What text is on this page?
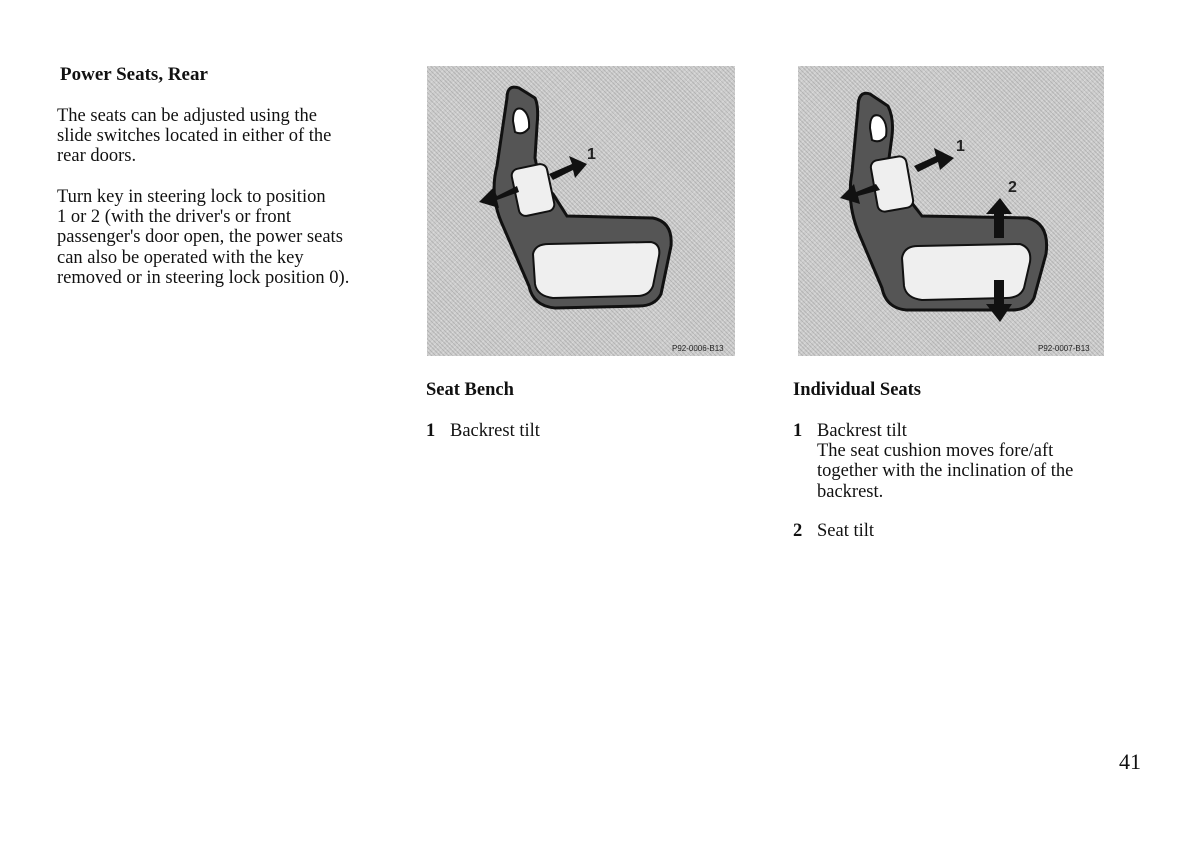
Power Seats, Rear
The seats can be adjusted using the
slide switches located in either of the
rear doors.
Turn key in steering lock to position
1 or 2 (with the driver's or front
passenger's door open, the power seats
can also be operated with the key
removed or in steering lock position 0).
1
P92-0006-B13
1
2
P92-0007-B13
Seat Bench
1 Backrest tilt
Individual Seats
1 Backrest tilt
The seat cushion moves fore/aft
together with the inclination of the
backrest.
2 Seat tilt
41
